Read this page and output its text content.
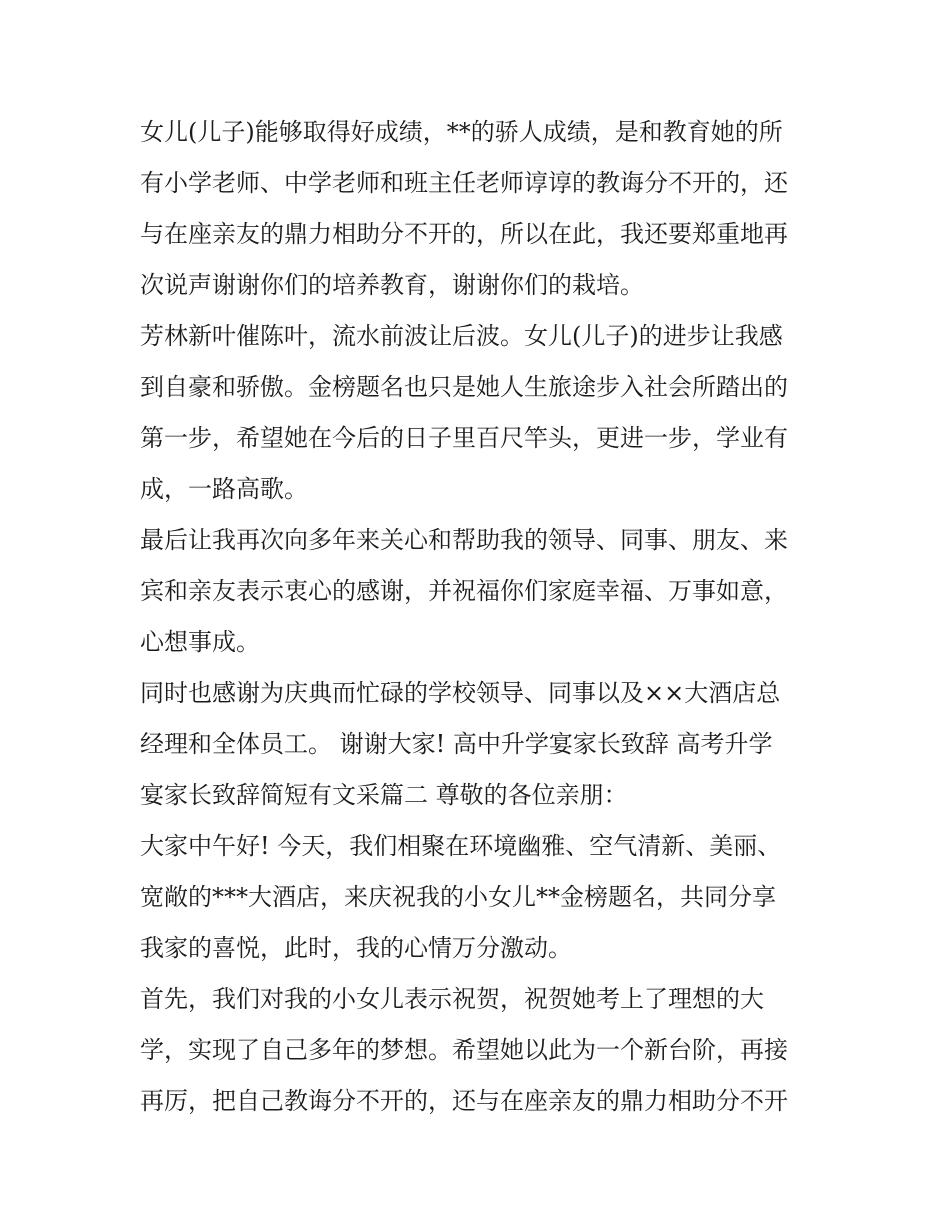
女儿(儿子)能够取得好成绩，**的骄人成绩，是和教育她的所
有小学老师、中学老师和班主任老师谆谆的教诲分不开的，还
与在座亲友的鼎力相助分不开的，所以在此，我还要郑重地再
次说声谢谢你们的培养教育，谢谢你们的栽培。
芳林新叶催陈叶，流水前波让后波。女儿(儿子)的进步让我感
到自豪和骄傲。金榜题名也只是她人生旅途步入社会所踏出的
第一步，希望她在今后的日子里百尺竿头，更进一步，学业有
成，一路高歌。
最后让我再次向多年来关心和帮助我的领导、同事、朋友、来
宾和亲友表示衷心的感谢，并祝福你们家庭幸福、万事如意，
心想事成。
同时也感谢为庆典而忙碌的学校领导、同事以及××大酒店总
经理和全体员工。 谢谢大家! 高中升学宴家长致辞 高考升学
宴家长致辞简短有文采篇二 尊敬的各位亲朋：
大家中午好! 今天，我们相聚在环境幽雅、空气清新、美丽、
宽敞的***大酒店，来庆祝我的小女儿**金榜题名，共同分享
我家的喜悦，此时，我的心情万分激动。
首先，我们对我的小女儿表示祝贺，祝贺她考上了理想的大
学，实现了自己多年的梦想。希望她以此为一个新台阶，再接
再厉，把自己教诲分不开的，还与在座亲友的鼎力相助分不开
